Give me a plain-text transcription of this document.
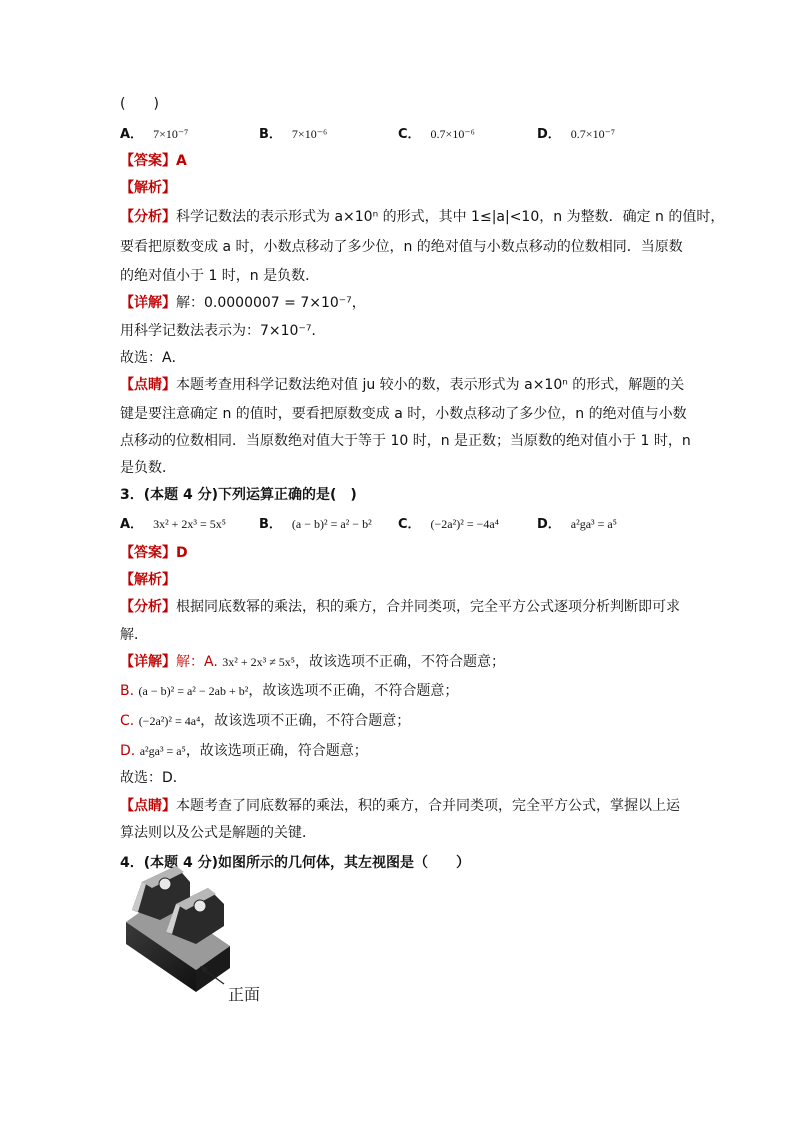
(　　)
A． 7×10⁻⁷	B． 7×10⁻⁶	C． 0.7×10⁻⁶	D． 0.7×10⁻⁷
【答案】A
【解析】
【分析】科学记数法的表示形式为 a×10ⁿ 的形式，其中 1≤|a|<10，n 为整数．确定 n 的值时，
要看把原数变成 a 时，小数点移动了多少位，n 的绝对值与小数点移动的位数相同．当原数
的绝对值小于 1 时，n 是负数．
【详解】解：0.0000007 = 7×10⁻⁷，
用科学记数法表示为：7×10⁻⁷．
故选：A．
【点睛】本题考查用科学记数法绝对值 ju 较小的数，表示形式为 a×10ⁿ 的形式，解题的关
键是要注意确定 n 的值时，要看把原数变成 a 时，小数点移动了多少位，n 的绝对值与小数
点移动的位数相同．当原数绝对值大于等于 10 时，n 是正数；当原数的绝对值小于 1 时，n
是负数．
3．(本题 4 分)下列运算正确的是(　)
A． 3x² + 2x³ = 5x⁵	B． (a − b)² = a² − b² C． (−2a²)² = −4a⁴	D． a²ga³ = a⁵
【答案】D
【解析】
【分析】根据同底数幂的乘法，积的乘方，合并同类项，完全平方公式逐项分析判断即可求
解．
【详解】解：A. 3x² + 2x³ ≠ 5x⁵，故该选项不正确，不符合题意；
B. (a − b)² = a² − 2ab + b²，故该选项不正确，不符合题意；
C. (−2a²)² = 4a⁴，故该选项不正确，不符合题意；
D. a²ga³ = a⁵，故该选项正确，符合题意；
故选：D．
【点睛】本题考查了同底数幂的乘法，积的乘方，合并同类项，完全平方公式，掌握以上运
算法则以及公式是解题的关键．
4．(本题 4 分)如图所示的几何体，其左视图是（　　）
正面
